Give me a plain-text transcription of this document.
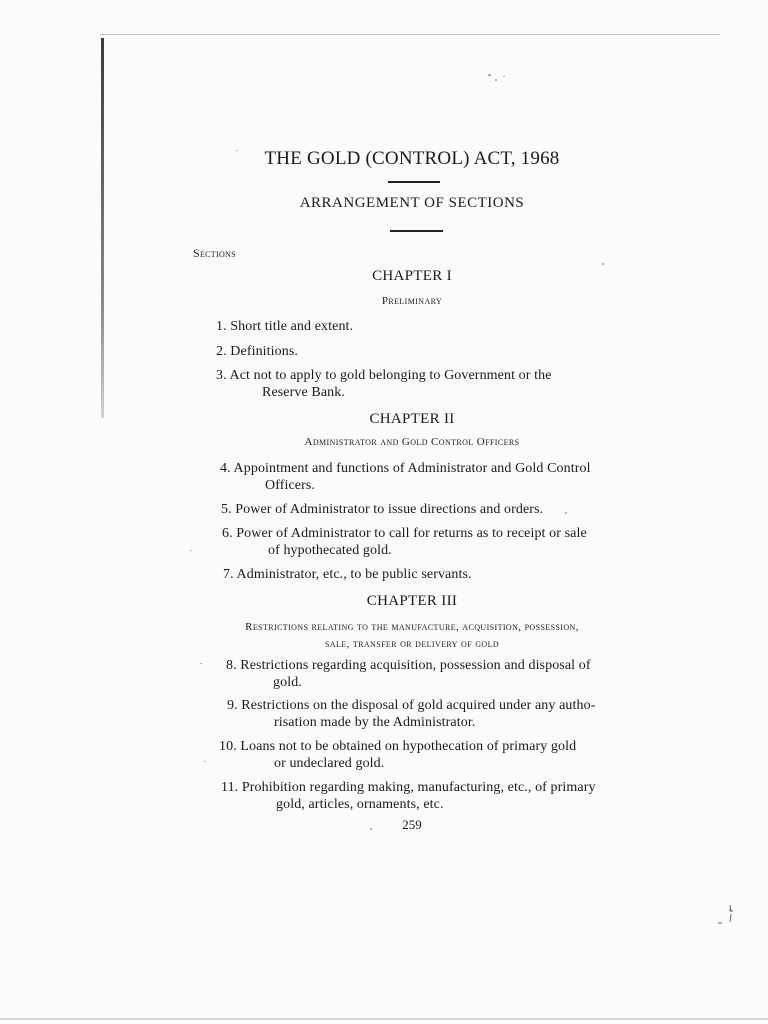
THE GOLD (CONTROL) ACT, 1968
ARRANGEMENT OF SECTIONS
Sections
CHAPTER I
Preliminary
1. Short title and extent.
2. Definitions.
3. Act not to apply to gold belonging to Government or the
Reserve Bank.
CHAPTER II
Administrator and Gold Control Officers
4. Appointment and functions of Administrator and Gold Control
Officers.
5. Power of Administrator to issue directions and orders.
6. Power of Administrator to call for returns as to receipt or sale
of hypothecated gold.
7. Administrator, etc., to be public servants.
CHAPTER III
Restrictions relating to the manufacture, acquisition, possession,
sale, transfer or delivery of gold
8. Restrictions regarding acquisition, possession and disposal of
gold.
9. Restrictions on the disposal of gold acquired under any autho-
risation made by the Administrator.
10. Loans not to be obtained on hypothecation of primary gold
or undeclared gold.
11. Prohibition regarding making, manufacturing, etc., of primary
gold, articles, ornaments, etc.
259
